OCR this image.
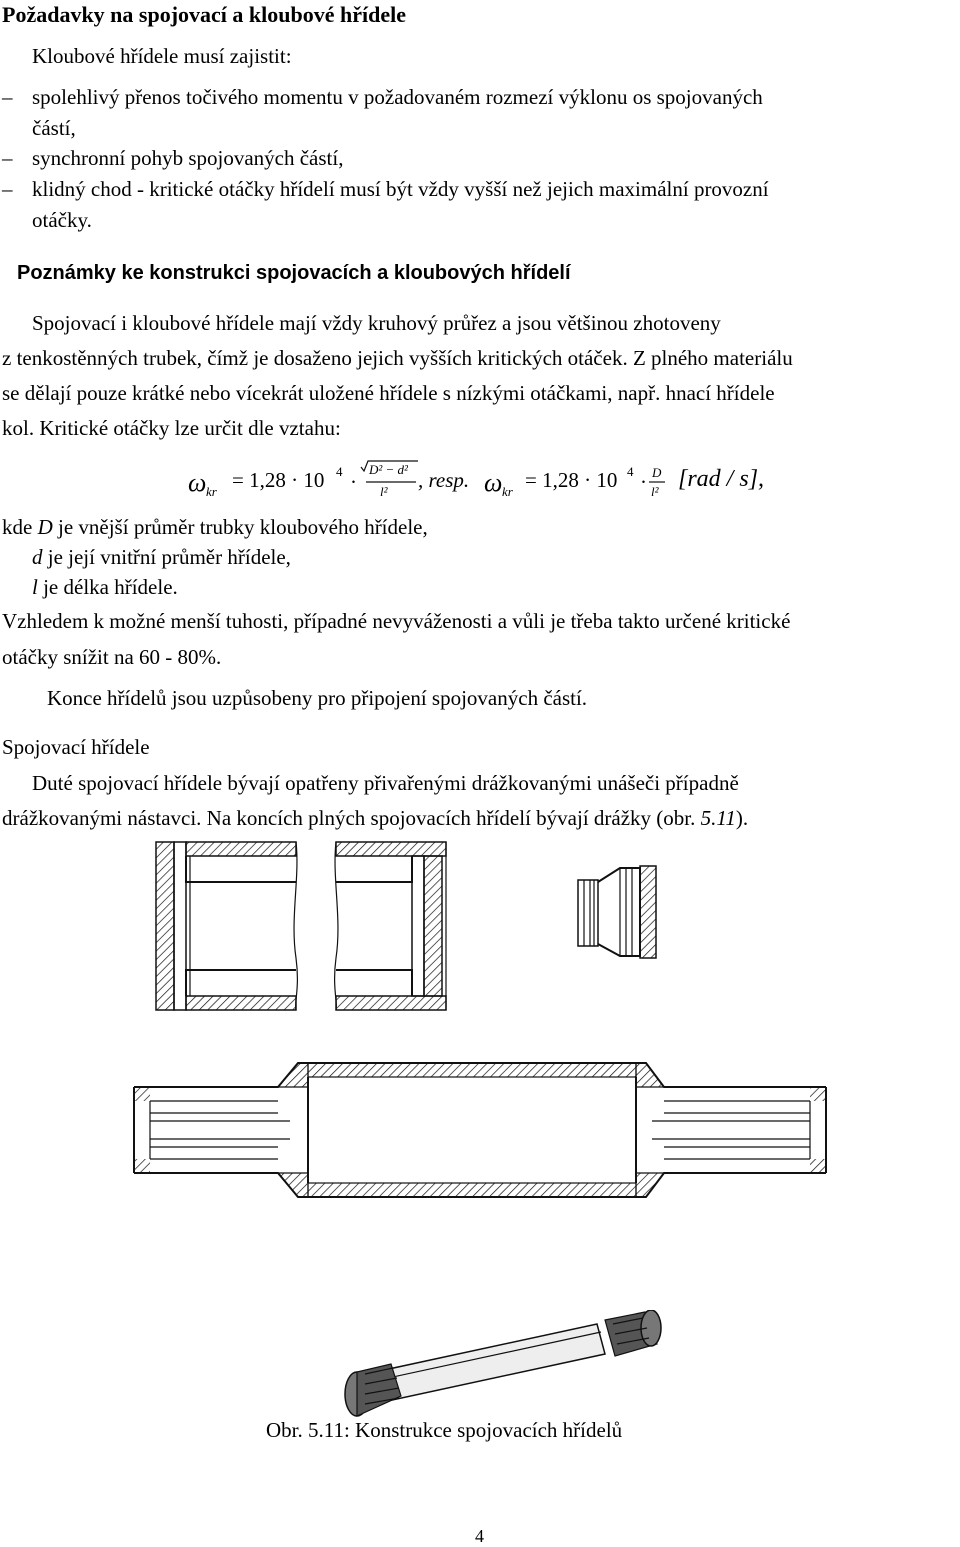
Požadavky na spojovací a kloubové hřídele
Kloubové hřídele musí zajistit:
– spolehlivý přenos točivého momentu v požadovaném rozmezí výklonu os spojovaných
částí,
– synchronní pohyb spojovaných částí,
– klidný chod - kritické otáčky hřídelí musí být vždy vyšší než jejich maximální provozní
otáčky.
Poznámky ke konstrukci spojovacích a kloubových hřídelí
Spojovací i kloubové hřídele mají vždy kruhový průřez a jsou většinou zhotoveny
z tenkostěnných trubek, čímž je dosaženo jejich vyšších kritických otáček. Z plného materiálu
se dělají pouze krátké nebo vícekrát uložené hřídele s nízkými otáčkami, např. hnací hřídele
kol. Kritické otáčky lze určit dle vztahu:
ω kr = 1,28 · 10 4 ·
D² − d²
l² , resp. ω kr = 1,28 · 10 4 · D
l² [rad / s],
kde D je vnější průměr trubky kloubového hřídele,
d je její vnitřní průměr hřídele,
l je délka hřídele.
Vzhledem k možné menší tuhosti, případné nevyváženosti a vůli je třeba takto určené kritické
otáčky snížit na 60 - 80%.
Konce hřídelů jsou uzpůsobeny pro připojení spojovaných částí.
Spojovací hřídele
Duté spojovací hřídele bývají opatřeny přivařenými drážkovanými unášeči případně
drážkovanými nástavci. Na koncích plných spojovacích hřídelí bývají drážky (obr. 5.11).
Obr. 5.11: Konstrukce spojovacích hřídelů
4
